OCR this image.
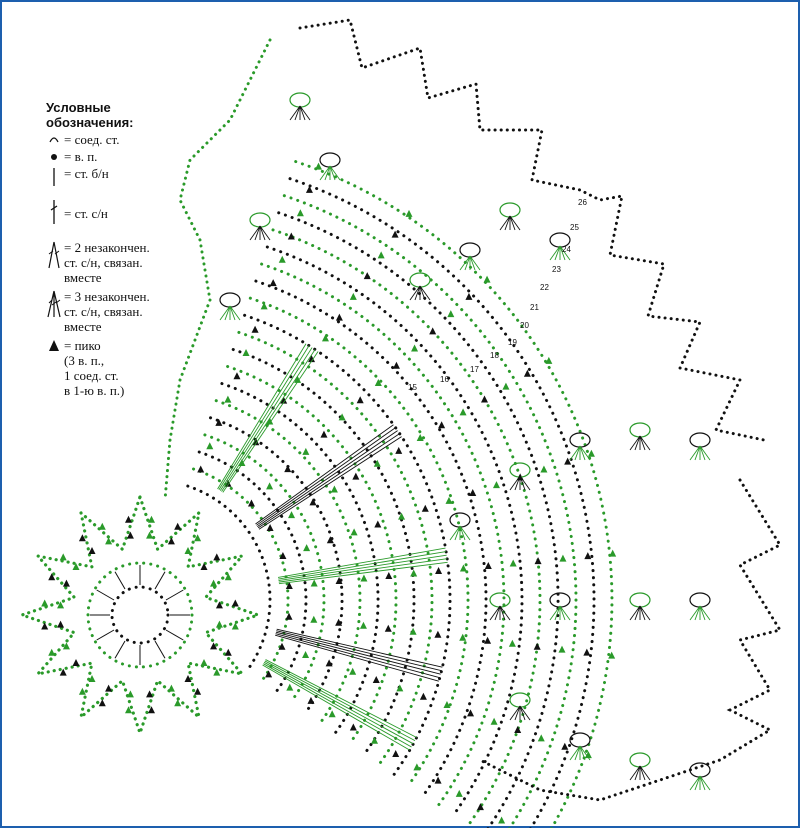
15
16
17
18
19
20
21
22
23
24
25
26
Условные
обозначения:
= соед. ст.
= в. п.
= ст. б/н
= ст. с/н
= 2 незакончен.
ст. с/н, связан.
вместе
= 3 незакончен.
ст. с/н, связан.
вместе
= пико
(3 в. п.,
1 соед. ст.
в 1-ю в. п.)
